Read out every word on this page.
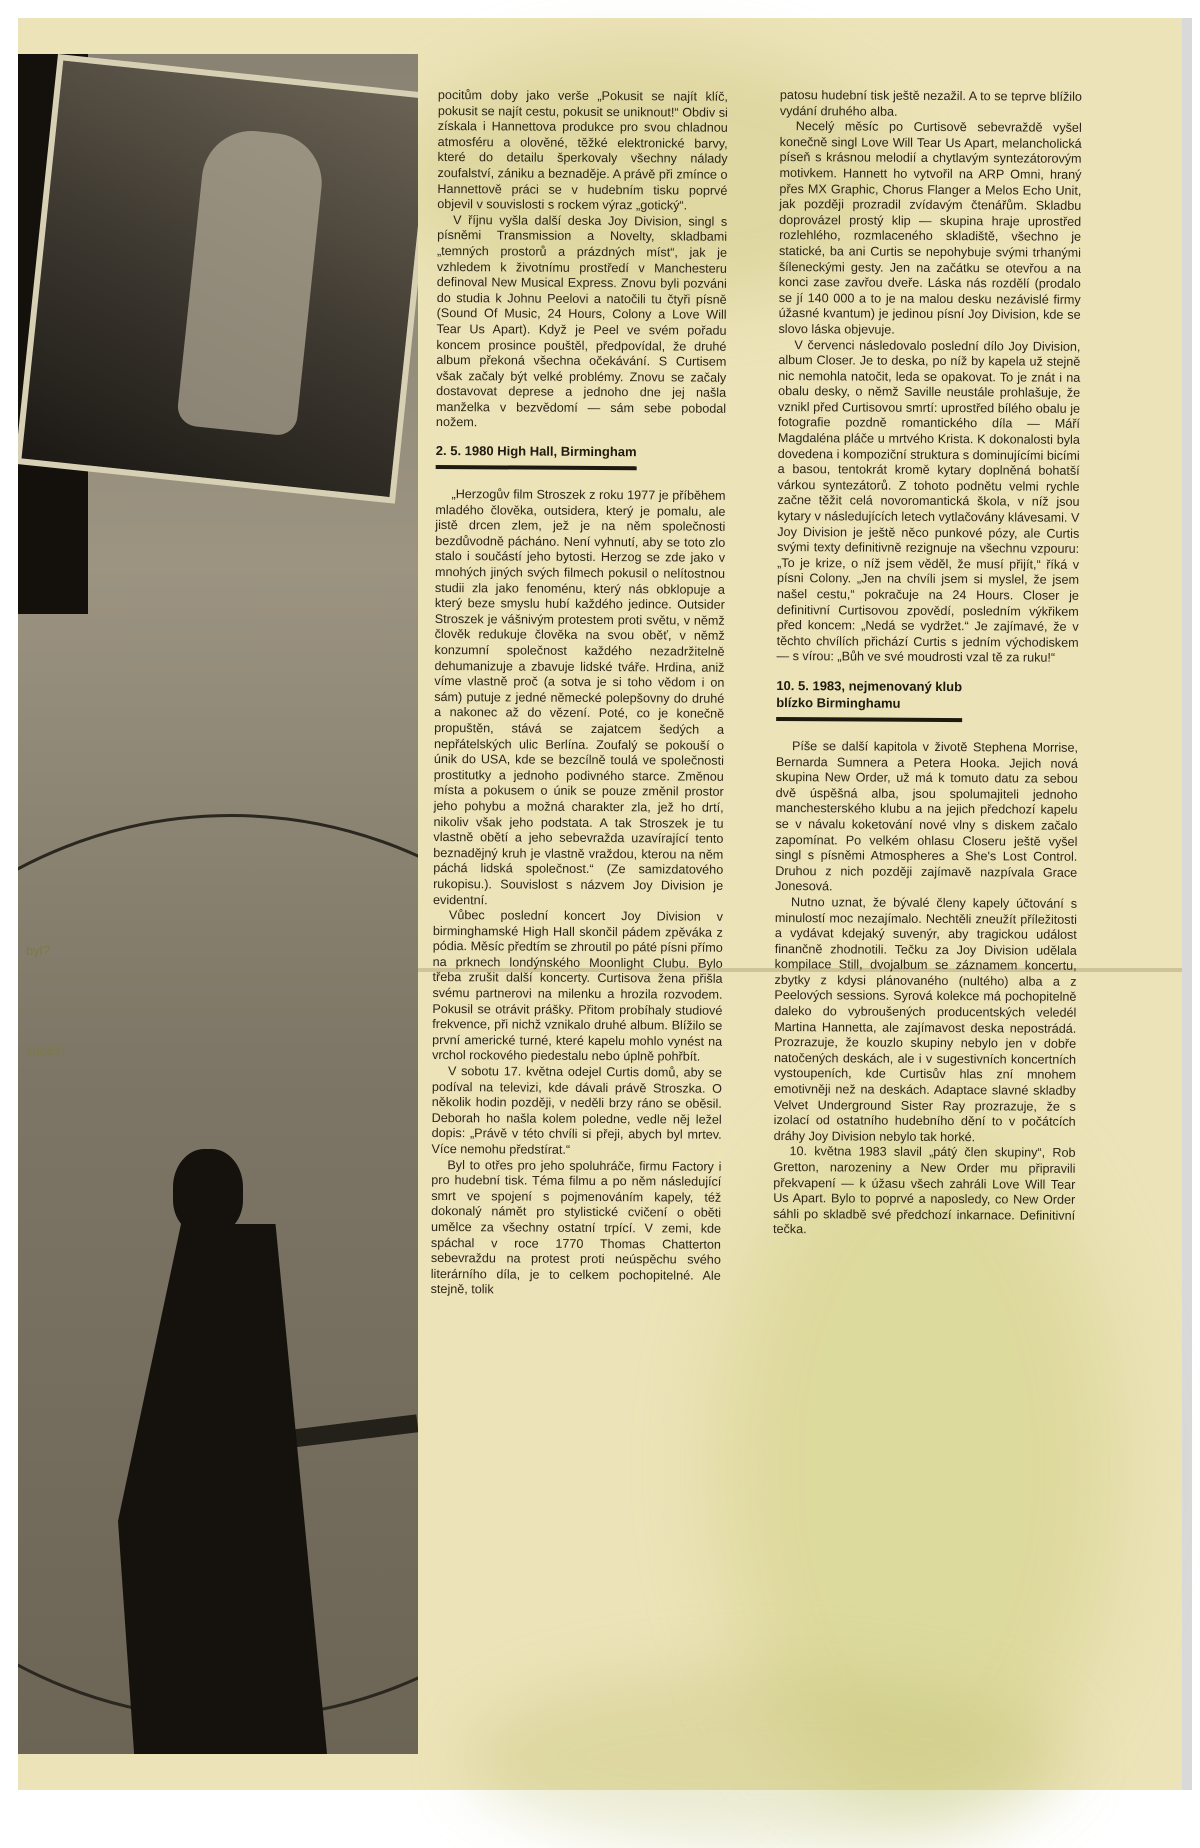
byl?
cades)

pocitům doby jako verše „Pokusit se najít klíč, pokusit se najít cestu, pokusit se uniknout!“ Obdiv si získala i Hannettova produkce pro svou chladnou atmosféru a olověné, těžké elektronické barvy, které do detailu šperkovaly všechny nálady zoufalství, zániku a beznaděje. A právě při zmínce o Hannettově práci se v hudebním tisku poprvé objevil v souvislosti s rockem výraz „gotický“.

V říjnu vyšla další deska Joy Division, singl s písněmi Transmission a Novelty, skladbami „temných prostorů a prázdných míst“, jak je vzhledem k životnímu prostředí v Manchesteru definoval New Musical Express. Znovu byli pozváni do studia k Johnu Peelovi a natočili tu čtyři písně (Sound Of Music, 24 Hours, Colony a Love Will Tear Us Apart). Když je Peel ve svém pořadu koncem prosince pouštěl, předpovídal, že druhé album překoná všechna očekávání. S Curtisem však začaly být velké problémy. Znovu se začaly dostavovat deprese a jednoho dne jej našla manželka v bezvědomí — sám sebe pobodal nožem.

2. 5. 1980 High Hall, Birmingham

„Herzogův film Stroszek z roku 1977 je příběhem mladého člověka, outsidera, který je pomalu, ale jistě drcen zlem, jež je na něm společnosti bezdůvodně pácháno. Není vyhnutí, aby se toto zlo stalo i součástí jeho bytosti. Herzog se zde jako v mnohých jiných svých filmech pokusil o nelítostnou studii zla jako fenoménu, který nás obklopuje a který beze smyslu hubí každého jedince. Outsider Stroszek je vášnivým protestem proti světu, v němž člověk redukuje člověka na svou oběť, v němž konzumní společnost každého nezadržitelně dehumanizuje a zbavuje lidské tváře. Hrdina, aniž víme vlastně proč (a sotva je si toho vědom i on sám) putuje z jedné německé polepšovny do druhé a nakonec až do vězení. Poté, co je konečně propuštěn, stává se zajatcem šedých a nepřátelských ulic Berlína. Zoufalý se pokouší o únik do USA, kde se bezcílně toulá ve společnosti prostitutky a jednoho podivného starce. Změnou místa a pokusem o únik se pouze změnil prostor jeho pohybu a možná charakter zla, jež ho drtí, nikoliv však jeho podstata. A tak Stroszek je tu vlastně obětí a jeho sebevražda uzavírající tento beznadějný kruh je vlastně vraždou, kterou na něm páchá lidská společnost.“ (Ze samizdatového rukopisu.). Souvislost s názvem Joy Division je evidentní.

Vůbec poslední koncert Joy Division v birminghamské High Hall skončil pádem zpěváka z pódia. Měsíc předtím se zhroutil po páté písni přímo na prknech londýnského Moonlight Clubu. Bylo třeba zrušit další koncerty. Curtisova žena přišla svému partnerovi na milenku a hrozila rozvodem. Pokusil se otrávit prášky. Přitom probíhaly studiové frekvence, při nichž vznikalo druhé album. Blížilo se první americké turné, které kapelu mohlo vynést na vrchol rockového piedestalu nebo úplně pohřbít.

V sobotu 17. května odejel Curtis domů, aby se podíval na televizi, kde dávali právě Stroszka. O několik hodin později, v neděli brzy ráno se oběsil. Deborah ho našla kolem poledne, vedle něj ležel dopis: „Právě v této chvíli si přeji, abych byl mrtev. Více nemohu předstírat.“

Byl to otřes pro jeho spoluhráče, firmu Factory i pro hudební tisk. Téma filmu a po něm následující smrt ve spojení s pojmenováním kapely, též dokonalý námět pro stylistické cvičení o oběti umělce za všechny ostatní trpící. V zemi, kde spáchal v roce 1770 Thomas Chatterton sebevraždu na protest proti neúspěchu svého literárního díla, je to celkem pochopitelné. Ale stejně, tolik

patosu hudební tisk ještě nezažil. A to se teprve blížilo vydání druhého alba.

Necelý měsíc po Curtisově sebevraždě vyšel konečně singl Love Will Tear Us Apart, melancholická píseň s krásnou melodií a chytlavým syntezátorovým motivkem. Hannett ho vytvořil na ARP Omni, hraný přes MX Graphic, Chorus Flanger a Melos Echo Unit, jak později prozradil zvídavým čtenářům. Skladbu doprovázel prostý klip — skupina hraje uprostřed rozlehlého, rozmlaceného skladiště, všechno je statické, ba ani Curtis se nepohybuje svými trhanými šíleneckými gesty. Jen na začátku se otevřou a na konci zase zavřou dveře. Láska nás rozdělí (prodalo se jí 140 000 a to je na malou desku nezávislé firmy úžasné kvantum) je jedinou písní Joy Division, kde se slovo láska objevuje.

V červenci následovalo poslední dílo Joy Division, album Closer. Je to deska, po níž by kapela už stejně nic nemohla natočit, leda se opakovat. To je znát i na obalu desky, o němž Saville neustále prohlašuje, že vznikl před Curtisovou smrtí: uprostřed bílého obalu je fotografie pozdně romantického díla — Máří Magdaléna pláče u mrtvého Krista. K dokonalosti byla dovedena i kompoziční struktura s dominujícími bicími a basou, tentokrát kromě kytary doplněná bohatší várkou syntezátorů. Z tohoto podnětu velmi rychle začne těžit celá novoromantická škola, v níž jsou kytary v následujících letech vytlačovány klávesami. V Joy Division je ještě něco punkové pózy, ale Curtis svými texty definitivně rezignuje na všechnu vzpouru: „To je krize, o níž jsem věděl, že musí přijít,“ říká v písni Colony. „Jen na chvíli jsem si myslel, že jsem našel cestu,“ pokračuje na 24 Hours. Closer je definitivní Curtisovou zpovědí, posledním výkřikem před koncem: „Nedá se vydržet.“ Je zajímavé, že v těchto chvílích přichází Curtis s jedním východiskem — s vírou: „Bůh ve své moudrosti vzal tě za ruku!“

10. 5. 1983, nejmenovaný klub
blízko Birminghamu

Píše se další kapitola v životě Stephena Morrise, Bernarda Sumnera a Petera Hooka. Jejich nová skupina New Order, už má k tomuto datu za sebou dvě úspěšná alba, jsou spolumajiteli jednoho manchesterského klubu a na jejich předchozí kapelu se v návalu koketování nové vlny s diskem začalo zapomínat. Po velkém ohlasu Closeru ještě vyšel singl s písněmi Atmospheres a She's Lost Control. Druhou z nich později zajímavě nazpívala Grace Jonesová.

Nutno uznat, že bývalé členy kapely účtování s minulostí moc nezajímalo. Nechtěli zneužít příležitosti a vydávat kdejaký suvenýr, aby tragickou událost finančně zhodnotili. Tečku za Joy Division udělala kompilace Still, dvojalbum se záznamem koncertu, zbytky z kdysi plánovaného (nultého) alba a z Peelových sessions. Syrová kolekce má pochopitelně daleko do vybroušených producentských veledél Martina Hannetta, ale zajímavost deska nepostrádá. Prozrazuje, že kouzlo skupiny nebylo jen v dobře natočených deskách, ale i v sugestivních koncertních vystoupeních, kde Curtisův hlas zní mnohem emotivněji než na deskách. Adaptace slavné skladby Velvet Underground Sister Ray prozrazuje, že s izolací od ostatního hudebního dění to v počátcích dráhy Joy Division nebylo tak horké.

10. května 1983 slavil „pátý člen skupiny“, Rob Gretton, narozeniny a New Order mu připravili překvapení — k úžasu všech zahráli Love Will Tear Us Apart. Bylo to poprvé a naposledy, co New Order sáhli po skladbě své předchozí inkarnace. Definitivní tečka.
